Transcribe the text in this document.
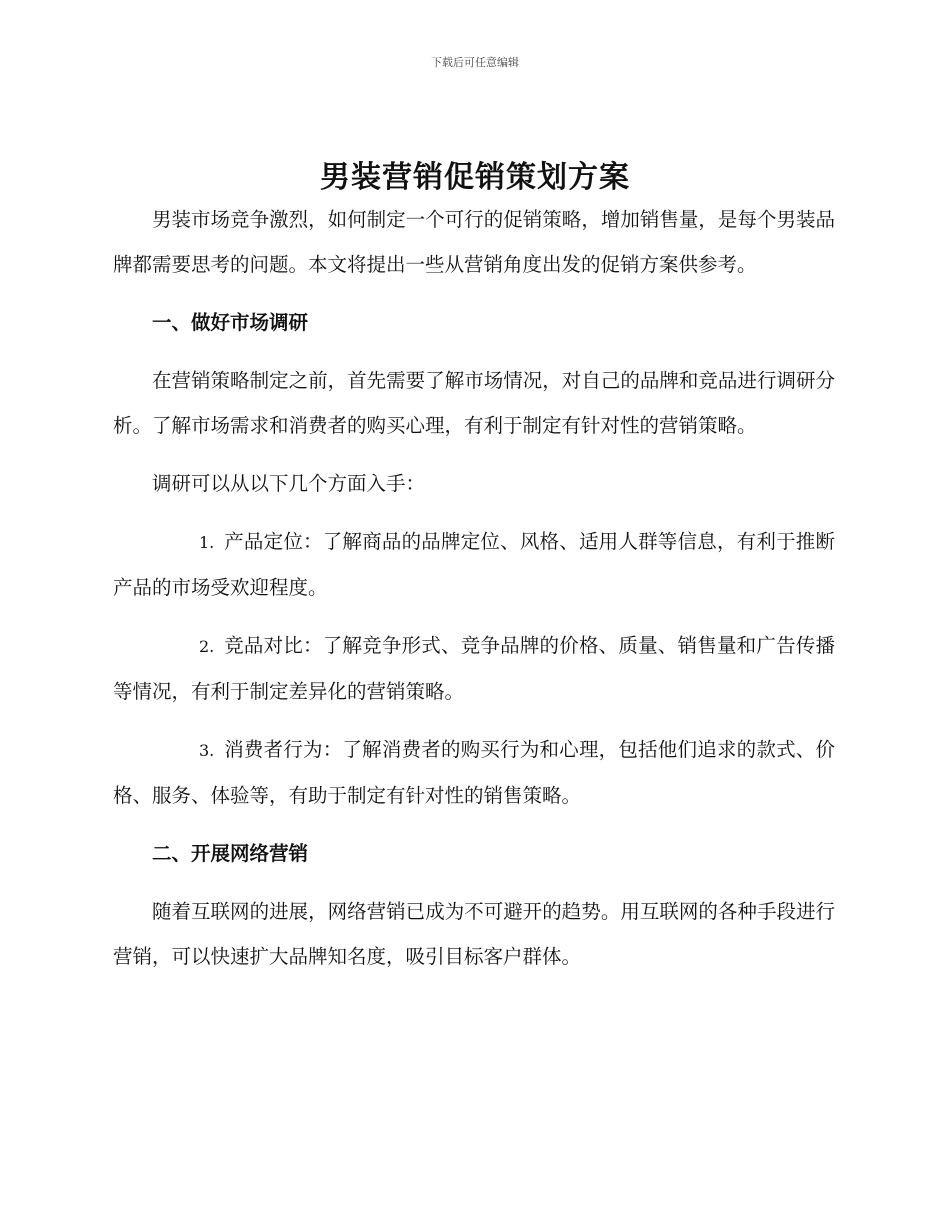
下载后可任意编辑
男装营销促销策划方案

男装市场竞争激烈，如何制定一个可行的促销策略，增加销售量，是每个男装品牌都需要思考的问题。本文将提出一些从营销角度出发的促销方案供参考。

一、做好市场调研

在营销策略制定之前，首先需要了解市场情况，对自己的品牌和竞品进行调研分析。了解市场需求和消费者的购买心理，有利于制定有针对性的营销策略。

调研可以从以下几个方面入手：

1. 产品定位：了解商品的品牌定位、风格、适用人群等信息，有利于推断产品的市场受欢迎程度。

2. 竞品对比：了解竞争形式、竞争品牌的价格、质量、销售量和广告传播等情况，有利于制定差异化的营销策略。

3. 消费者行为：了解消费者的购买行为和心理，包括他们追求的款式、价格、服务、体验等，有助于制定有针对性的销售策略。

二、开展网络营销

随着互联网的进展，网络营销已成为不可避开的趋势。用互联网的各种手段进行营销，可以快速扩大品牌知名度，吸引目标客户群体。
